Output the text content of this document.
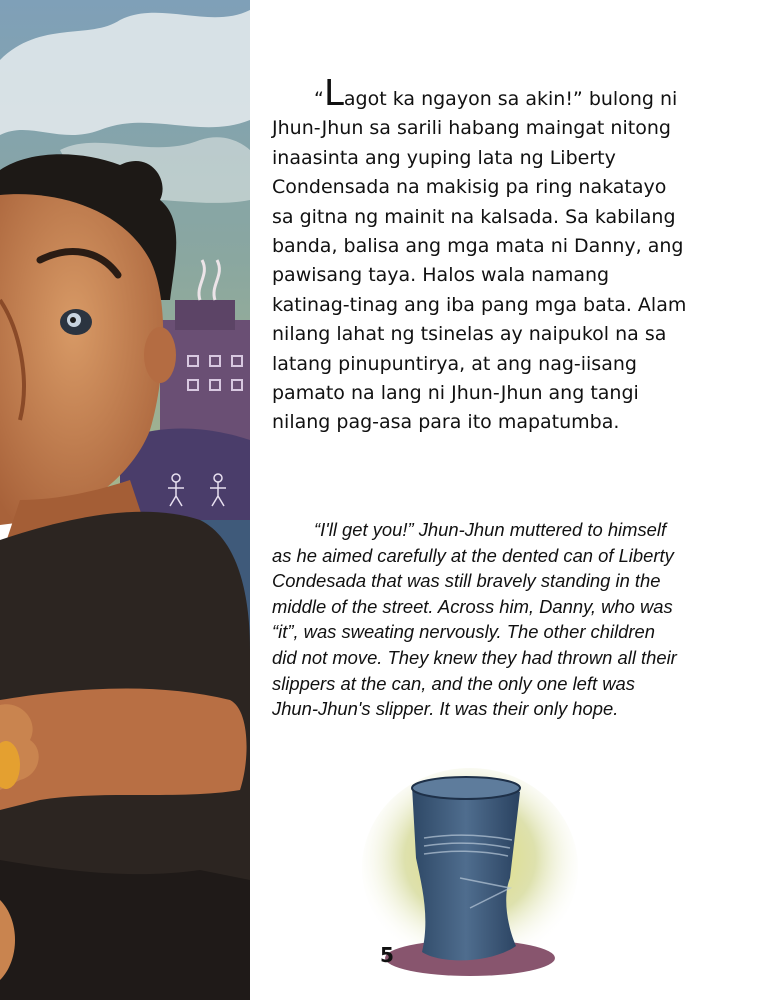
“Lagot ka ngayon sa akin!” bulong ni Jhun-Jhun sa sarili habang maingat nitong inaasinta ang yuping lata ng Liberty Condensada na makisig pa ring nakatayo sa gitna ng mainit na kalsada. Sa kabilang banda, balisa ang mga mata ni Danny, ang pawisang taya. Halos wala namang katinag-tinag ang iba pang mga bata. Alam nilang lahat ng tsinelas ay naipukol na sa latang pinupuntirya, at ang nag-iisang pamato na lang ni Jhun-Jhun ang tangi nilang pag-asa para ito mapatumba.

“I'll get you!” Jhun-Jhun muttered to himself as he aimed carefully at the dented can of Liberty Condesada that was still bravely standing in the middle of the street. Across him, Danny, who was “it”, was sweating nervously. The other children did not move. They knew they had thrown all their slippers at the can, and the only one left was Jhun-Jhun's slipper. It was their only hope.

5
